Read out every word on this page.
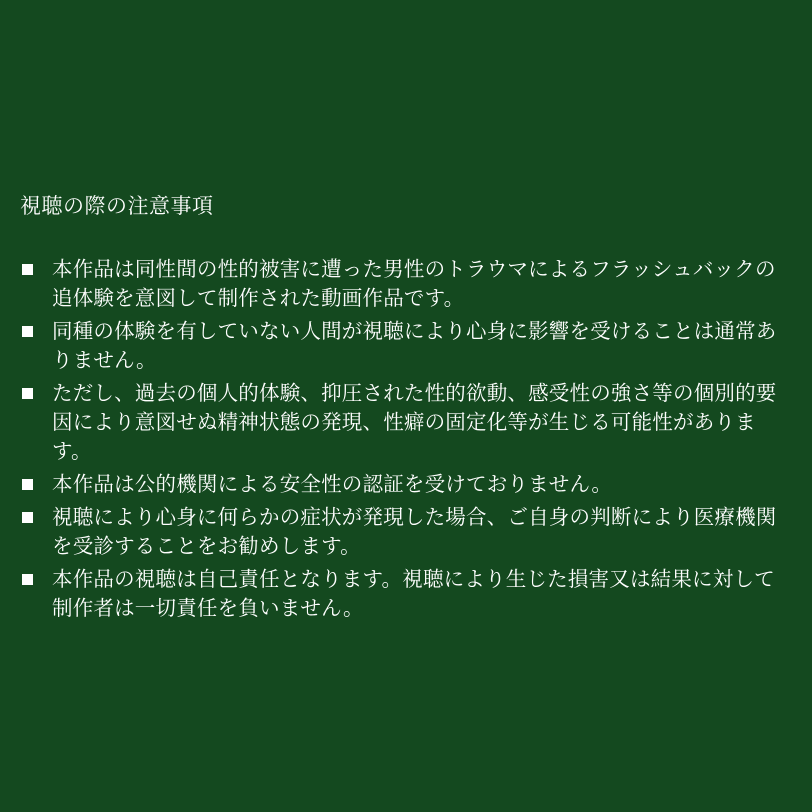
視聴の際の注意事項
本作品は同性間の性的被害に遭った男性のトラウマによるフラッシュバックの追体験を意図して制作された動画作品です。
同種の体験を有していない人間が視聴により心身に影響を受けることは通常ありません。
ただし、過去の個人的体験、抑圧された性的欲動、感受性の強さ等の個別的要因により意図せぬ精神状態の発現、性癖の固定化等が生じる可能性があります。
本作品は公的機関による安全性の認証を受けておりません。
視聴により心身に何らかの症状が発現した場合、ご自身の判断により医療機関を受診することをお勧めします。
本作品の視聴は自己責任となります。視聴により生じた損害又は結果に対して制作者は一切責任を負いません。
